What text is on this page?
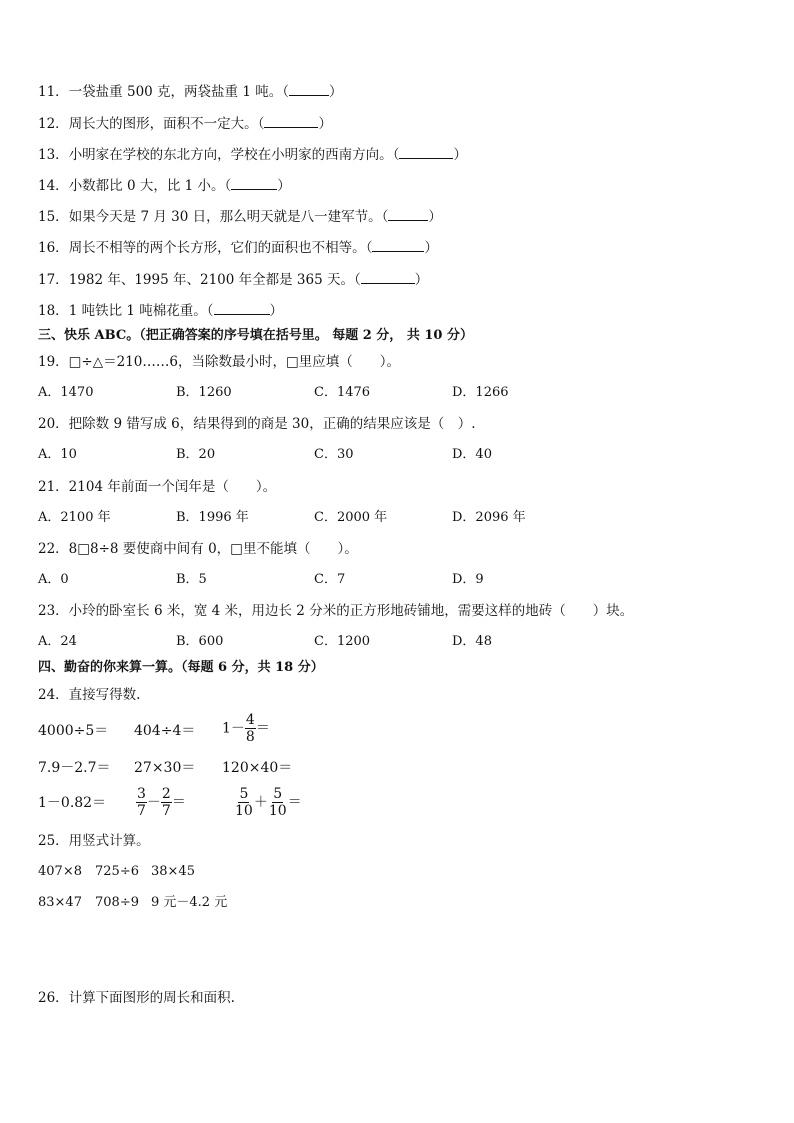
11．一袋盐重 500 克，两袋盐重 1 吨。（	）
12．周长大的图形，面积不一定大。（	）
13．小明家在学校的东北方向，学校在小明家的西南方向。（	）
14．小数都比 0 大，比 1 小。（	）
15．如果今天是 7 月 30 日，那么明天就是八一建军节。（	）
16．周长不相等的两个长方形，它们的面积也不相等。（	）
17．1982 年、1995 年、2100 年全都是 365 天。（	）
18．1 吨铁比 1 吨棉花重。（	）
三、快乐 ABC。（把正确答案的序号填在括号里。 每题 2 分， 共 10 分）
19．□÷△＝210……6，当除数最小时，□里应填（　　）。
A．1470	B．1260	C．1476	D．1266
20．把除数 9 错写成 6，结果得到的商是 30，正确的结果应该是（　）.
A．10	B．20	C．30	D．40
21．2104 年前面一个闰年是（　　）。
A．2100 年	B．1996 年	C．2000 年	D．2096 年
22．8□8÷8 要使商中间有 0，□里不能填（　　）。
A．0	B．5	C．7	D．9
23．小玲的卧室长 6 米，宽 4 米，用边长 2 分米的正方形地砖铺地，需要这样的地砖（　　）块。
A．24	B．600	C．1200	D．48
四、勤奋的你来算一算。（每题 6 分，共 18 分）
24．直接写得数.
$4000\div 5= 404\div 4= 1- \frac{4}{8}$ ＝
7.9－2.7＝ 27×30＝ 120×40＝
$1-0.82= \frac{3}{7} - \frac{2}{7}$ ＝	$\frac{5}{10} + \frac{5}{10}$ ＝
25．用竖式计算。
407×8 725÷6 38×45
83×47 708÷9 9 元－4.2 元
26．计算下面图形的周长和面积.
